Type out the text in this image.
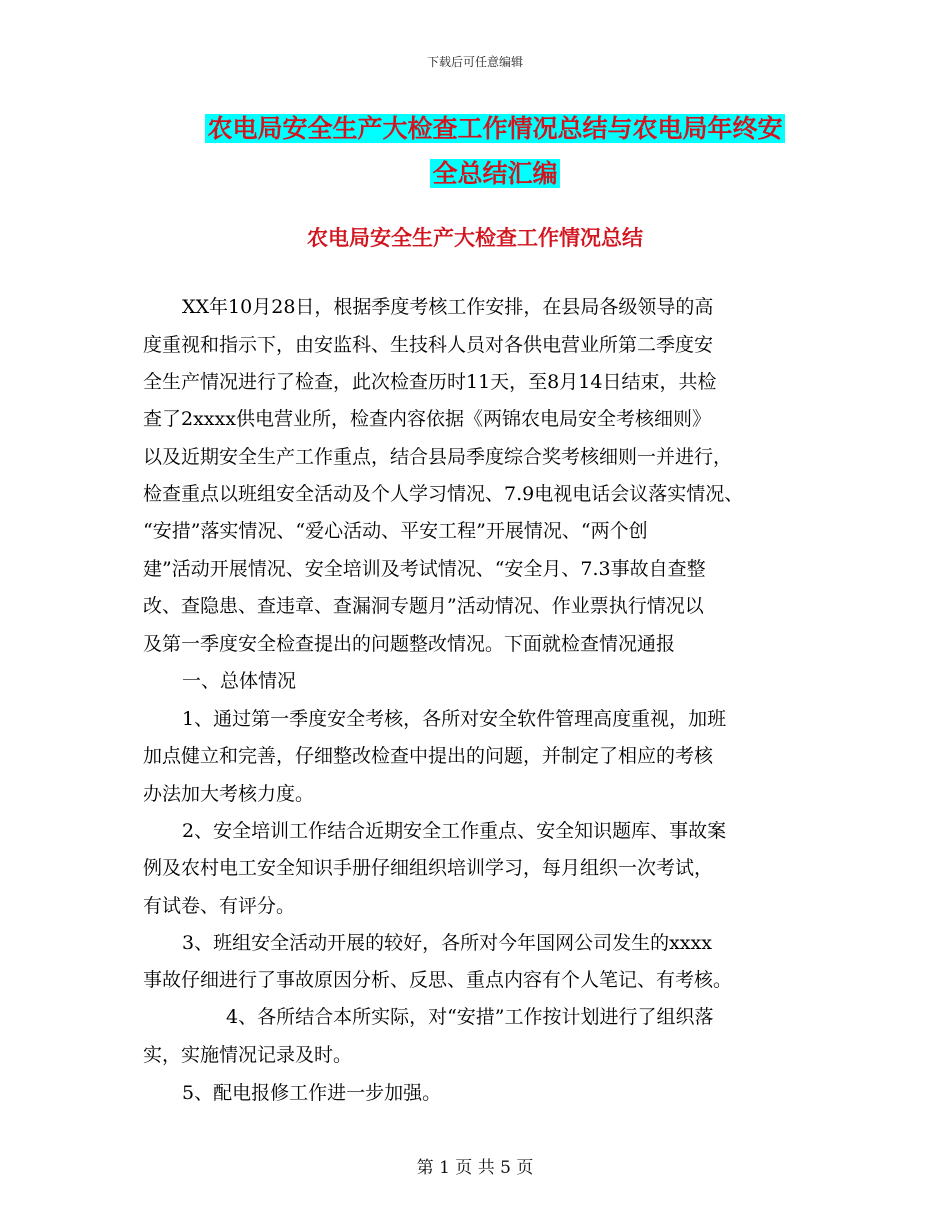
下载后可任意编辑
农电局安全生产大检查工作情况总结与农电局年终安
全总结汇编
农电局安全生产大检查工作情况总结
XX年10月28日，根据季度考核工作安排，在县局各级领导的高
度重视和指示下，由安监科、生技科人员对各供电营业所第二季度安
全生产情况进行了检查，此次检查历时11天，至8月14日结束，共检
查了2xxxx供电营业所，检查内容依据《两锦农电局安全考核细则》
以及近期安全生产工作重点，结合县局季度综合奖考核细则一并进行，
检查重点以班组安全活动及个人学习情况、7.9电视电话会议落实情况、
“安措”落实情况、“爱心活动、平安工程”开展情况、“两个创
建”活动开展情况、安全培训及考试情况、“安全月、7.3事故自查整
改、查隐患、查违章、查漏洞专题月”活动情况、作业票执行情况以
及第一季度安全检查提出的问题整改情况。下面就检查情况通报
一、总体情况
1、通过第一季度安全考核，各所对安全软件管理高度重视，加班
加点健立和完善，仔细整改检查中提出的问题，并制定了相应的考核
办法加大考核力度。
2、安全培训工作结合近期安全工作重点、安全知识题库、事故案
例及农村电工安全知识手册仔细组织培训学习，每月组织一次考试，
有试卷、有评分。
3、班组安全活动开展的较好，各所对今年国网公司发生的xxxx
事故仔细进行了事故原因分析、反思、重点内容有个人笔记、有考核。
4、各所结合本所实际，对“安措”工作按计划进行了组织落
实，实施情况记录及时。
5、配电报修工作进一步加强。
第 1 页 共 5 页
